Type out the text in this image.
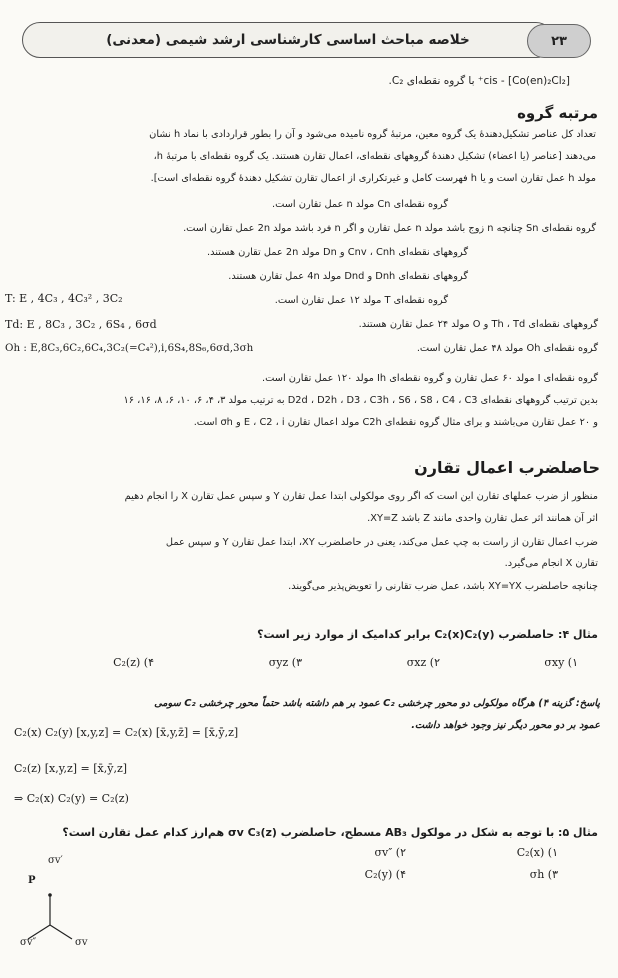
خلاصه مباحث اساسی کارشناسی ارشد شیمی (معدنی)	۲۳
cis - [Co(en)₂Cl₂]⁺ با گروه نقطه‌ای C₂.
مرتبه گروه
تعداد کل عناصر تشکیل‌دهندهٔ یک گروه معین، مرتبهٔ گروه نامیده می‌شود و آن را بطور قراردادی با نماد h نشان
می‌دهند [عناصر (یا اعضاء) تشکیل دهندهٔ گروههای نقطه‌ای، اعمال تقارن هستند. یک گروه نقطه‌ای با مرتبهٔ h،
مولد h عمل تقارن است و یا h فهرست کامل و غیرتکراری از اعمال تقارن تشکیل دهندهٔ گروه نقطه‌ای است].
گروه نقطه‌ای Cn مولد n عمل تقارن است.
گروه نقطه‌ای Sn چنانچه n زوج باشد مولد n عمل تقارن و اگر n فرد باشد مولد 2n عمل تقارن است.
گروههای نقطه‌ای Cnv ، Cnh و Dn مولد 2n عمل تقارن هستند.
گروههای نقطه‌ای Dnh و Dnd مولد 4n عمل تقارن هستند.
T: E , 4C₃ , 4C₃² , 3C₂	گروه نقطه‌ای T مولد ۱۲ عمل تقارن است.
Td: E , 8C₃ , 3C₂ , 6S₄ , 6σd	گروههای نقطه‌ای Th ، Td و O مولد ۲۴ عمل تقارن هستند.
Oh : E,8C₃,6C₂,6C₄,3C₂(=C₄²),i,6S₄,8S₆,6σd,3σh	گروه نقطه‌ای Oh مولد ۴۸ عمل تقارن است.
گروه نقطه‌ای I مولد ۶۰ عمل تقارن و گروه نقطه‌ای Ih مولد ۱۲۰ عمل تقارن است.
بدین ترتیب گروههای نقطه‌ای D2d ، D2h ، D3 ، C3h ، S6 ، S8 ، C4 ، C3 به ترتیب مولد ۳، ۴، ۶، ۱۰، ۶، ۸، ۱۶، ۱۶
و ۲۰ عمل تقارن می‌باشند و برای مثال گروه نقطه‌ای C2h مولد اعمال تقارن E ، C2 ، i و σh است.
حاصلضرب اعمال تقارن
منظور از ضرب عملهای تقارن این است که اگر روی مولکولی ابتدا عمل تقارن Y و سپس عمل تقارن X را انجام دهیم
اثر آن همانند اثر عمل تقارن واحدی مانند Z باشد XY=Z.
ضرب اعمال تقارن از راست به چپ عمل می‌کند، یعنی در حاصلضرب XY، ابتدا عمل تقارن Y و سپس عمل
تقارن X انجام می‌گیرد.
چنانچه حاصلضرب XY=YX باشد، عمل ضرب تقارنی را تعویض‌پذیر می‌گویند.
مثال ۴: حاصلضرب C₂(x)C₂(y) برابر کدامیک از موارد زیر است؟
σxy (۱
σxz (۲
σyz (۳
C₂(z) (۴
پاسخ: گزینه ۴) هرگاه مولکولی دو محور چرخشی C₂ عمود بر هم داشته باشد حتماً محور چرخشی C₂ سومی
عمود بر دو محور دیگر نیز وجود خواهد داشت.
C₂(x) C₂(y) [x,y,z] = C₂(x) [x̄,y,z̄] = [x̄,ȳ,z]
C₂(z) [x,y,z] = [x̄,ȳ,z]
⇒ C₂(x) C₂(y) = C₂(z)
مثال ۵: با توجه به شکل در مولکول AB₃ مسطح، حاصلضرب σv C₃(z) هم‌ارز کدام عمل تقارن است؟
C₂(x) (۱
σv″ (۲
σh (۳
C₂(y) (۴
σv′
P
σv″	σv
